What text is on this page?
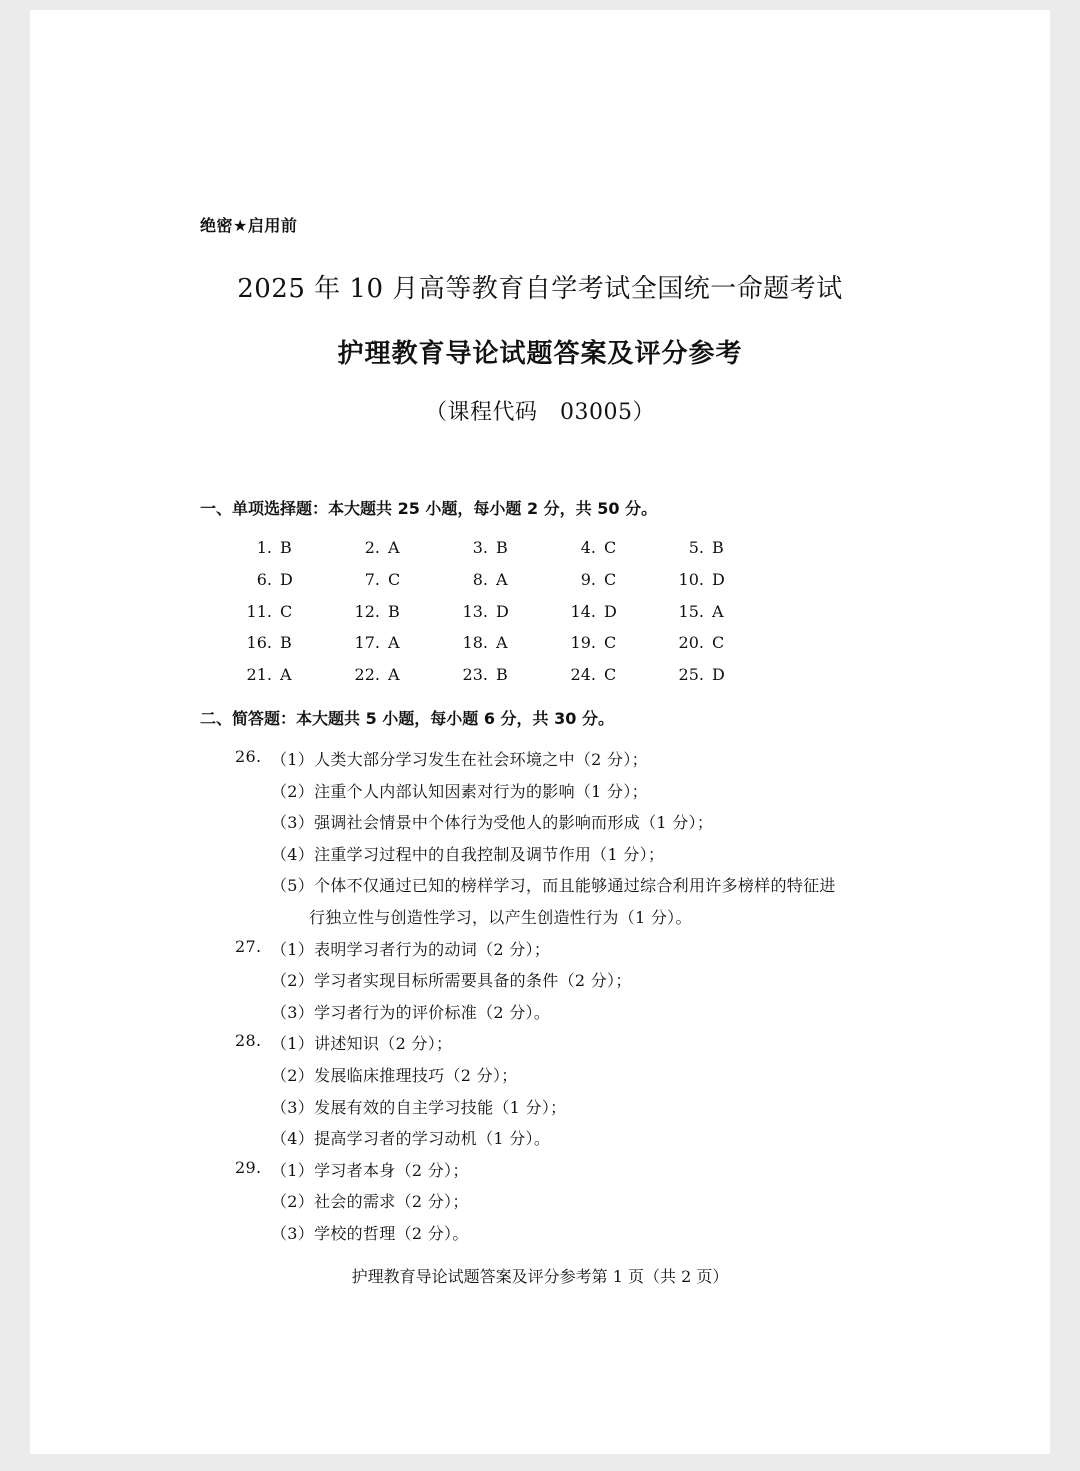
绝密★启用前
2025 年 10 月高等教育自学考试全国统一命题考试
护理教育导论试题答案及评分参考
（课程代码　03005）
一、单项选择题：本大题共 25 小题，每小题 2 分，共 50 分。
1. B	2. A	3. B	4. C	5. B
6. D	7. C	8. A	9. C	10. D
11. C	12. B	13. D	14. D	15. A
16. B	17. A	18. A	19. C	20. C
21. A	22. A	23. B	24. C	25. D
二、简答题：本大题共 5 小题，每小题 6 分，共 30 分。
26. （1）人类大部分学习发生在社会环境之中（2 分）；
（2）注重个人内部认知因素对行为的影响（1 分）；
（3）强调社会情景中个体行为受他人的影响而形成（1 分）；
（4）注重学习过程中的自我控制及调节作用（1 分）；
（5）个体不仅通过已知的榜样学习，而且能够通过综合利用许多榜样的特征进
行独立性与创造性学习，以产生创造性行为（1 分）。
27. （1）表明学习者行为的动词（2 分）；
（2）学习者实现目标所需要具备的条件（2 分）；
（3）学习者行为的评价标准（2 分）。
28. （1）讲述知识（2 分）；
（2）发展临床推理技巧（2 分）；
（3）发展有效的自主学习技能（1 分）；
（4）提高学习者的学习动机（1 分）。
29. （1）学习者本身（2 分）；
（2）社会的需求（2 分）；
（3）学校的哲理（2 分）。
护理教育导论试题答案及评分参考第 1 页（共 2 页）
